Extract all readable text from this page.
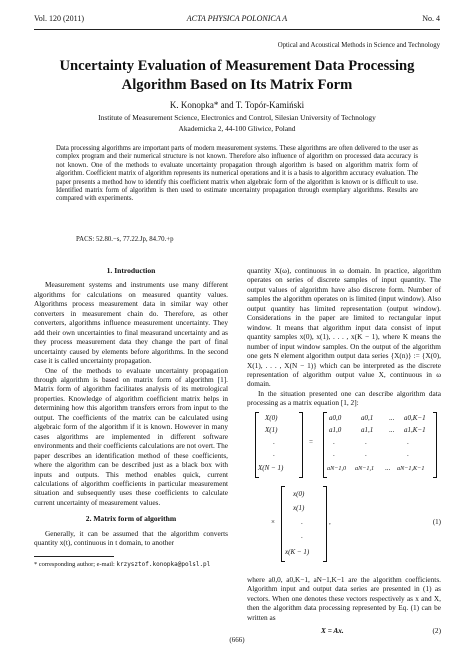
Vol. 120 (2011)	ACTA PHYSICA POLONICA A	No. 4
Optical and Acoustical Methods in Science and Technology
Uncertainty Evaluation of Measurement Data Processing
Algorithm Based on Its Matrix Form
K. Konopka* and T. Topór-Kamiński
Institute of Measurement Science, Electronics and Control, Silesian University of Technology
Akademicka 2, 44-100 Gliwice, Poland
Data processing algorithms are important parts of modern measurement systems. These algorithms are often delivered to the user as complex program and their numerical structure is not known. Therefore also influence of algorithm on processed data accuracy is not known. One of the methods to evaluate uncertainty propagation through algorithm is based on algorithm matrix form of algorithm. Coefficient matrix of algorithm represents its numerical operations and it is a basis to algorithm accuracy evaluation. The paper presents a method how to identify this coefficient matrix when algebraic form of the algorithm is known or is difficult to use. Identified matrix form of algorithm is then used to estimate uncertainty propagation through exemplary algorithms. Results are compared with experiments.
PACS: 52.80.−s, 77.22.Jp, 84.70.+p
1. Introduction

Measurement systems and instruments use many different algorithms for calculations on measured quantity values. Algorithms process measurement data in similar way other converters in measurement chain do. Therefore, as other converters, algorithms influence measurement uncertainty. They add their own uncertainties to final measurand uncertainty and as they process measurement data they change the part of final uncertainty caused by elements before algorithms. In the second case it is called uncertainty propagation.

One of the methods to evaluate uncertainty propagation through algorithm is based on matrix form of algorithm [1]. Matrix form of algorithm facilitates analysis of its metrological properties. Knowledge of algorithm coefficient matrix helps in determining how this algorithm transfers errors from input to the output. The coefficients of the matrix can be calculated using algebraic form of the algorithm if it is known. However in many cases algorithms are implemented in different software environments and their coefficients calculations are not overt. The paper describes an identification method of these coefficients, where the algorithm can be described just as a black box with inputs and outputs. This method enables quick, current calculations of algorithm coefficients in particular measurement situation and subsequently uses these coefficients to calculate current uncertainty of measurement values.

2. Matrix form of algorithm

Generally, it can be assumed that the algorithm converts quantity x(t), continuous in t domain, to another

quantity X(ω), continuous in ω domain. In practice, algorithm operates on series of discrete samples of input quantity. The output values of algorithm have also discrete form. Number of samples the algorithm operates on is limited (input window). Also output quantity has limited representation (output window). Considerations in the paper are limited to rectangular input window. It means that algorithm input data consist of input quantity samples x(0), x(1), . . . , x(K − 1), where K means the number of input window samples. On the output of the algorithm one gets N element algorithm output data series {X(n)} := {X(0), X(1), . . . , X(N − 1)} which can be interpreted as the discrete representation of algorithm output value X, continuous in ω domain.

In the situation presented one can describe algorithm data processing as a matrix equation [1, 2]:

X(0)
X(1)
.
.
X(N − 1)
=
a0,0	a0,1 ... a0,K−1
a1,0	a1,1 ... a1,K−1
.	.	.
.	.	.
aN−1,0 aN−1,1 ... aN−1,K−1
×
x(0)
x(1)
.
.
x(K − 1)
,	(1)

where a0,0, a0,K−1, aN−1,K−1 are the algorithm coefficients. Algorithm input and output data series are presented in (1) as vectors. When one denotes these vectors respectively as x and X, then the algorithm data processing represented by Eq. (1) can be written as

X = Ax.	(2)
* corresponding author; e-mail: krzysztof.konopka@polsl.pl
(666)
